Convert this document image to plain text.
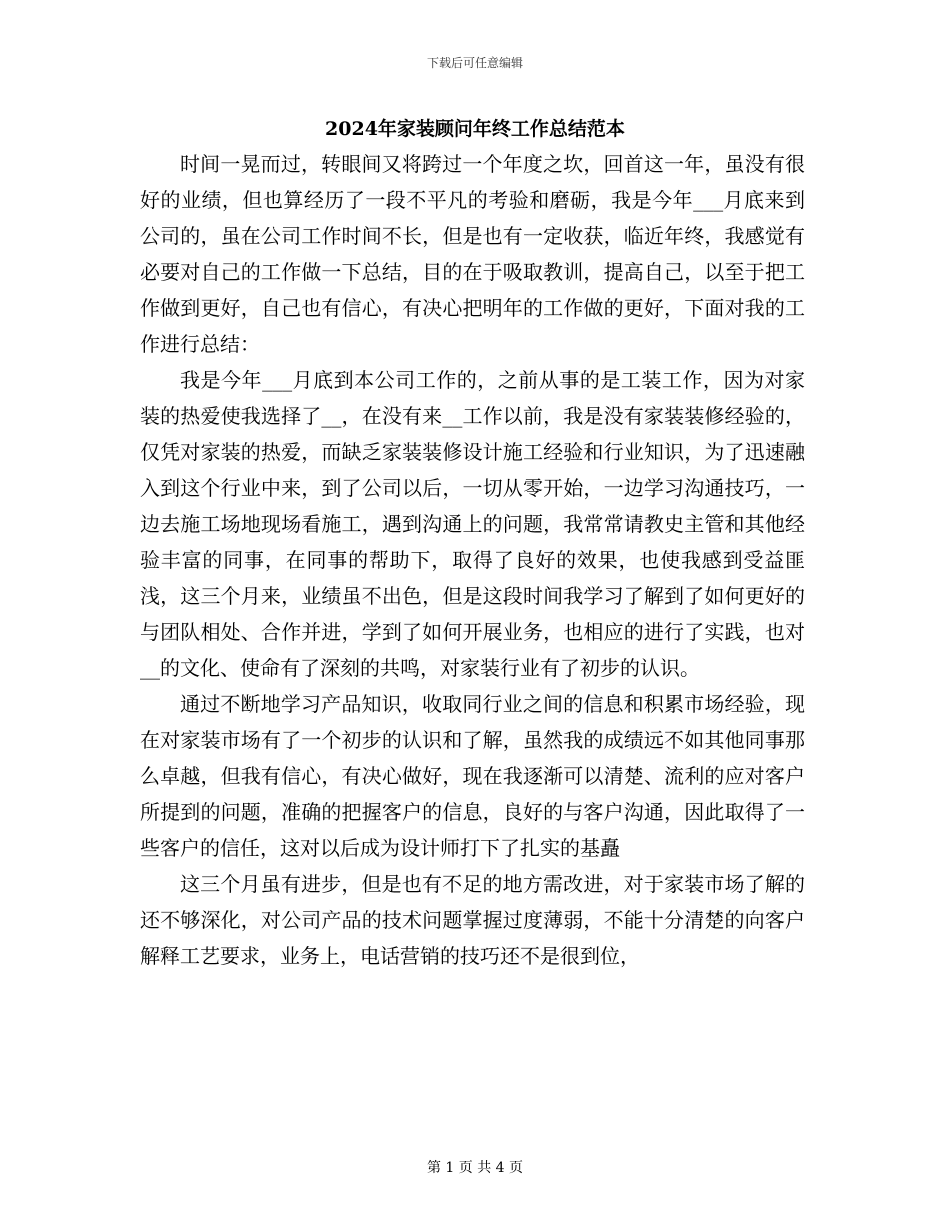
下载后可任意编辑
2024年家装顾问年终工作总结范本

时间一晃而过，转眼间又将跨过一个年度之坎，回首这一年，虽没有很好的业绩，但也算经历了一段不平凡的考验和磨砺，我是今年___月底来到公司的，虽在公司工作时间不长，但是也有一定收获，临近年终，我感觉有必要对自己的工作做一下总结，目的在于吸取教训，提高自己，以至于把工作做到更好，自己也有信心，有决心把明年的工作做的更好，下面对我的工作进行总结：

我是今年___月底到本公司工作的，之前从事的是工装工作，因为对家装的热爱使我选择了__，在没有来__工作以前，我是没有家装装修经验的，仅凭对家装的热爱，而缺乏家装装修设计施工经验和行业知识，为了迅速融入到这个行业中来，到了公司以后，一切从零开始，一边学习沟通技巧，一边去施工场地现场看施工，遇到沟通上的问题，我常常请教史主管和其他经验丰富的同事，在同事的帮助下，取得了良好的效果，也使我感到受益匪浅，这三个月来，业绩虽不出色，但是这段时间我学习了解到了如何更好的与团队相处、合作并进，学到了如何开展业务，也相应的进行了实践，也对__的文化、使命有了深刻的共鸣，对家装行业有了初步的认识。

通过不断地学习产品知识，收取同行业之间的信息和积累市场经验，现在对家装市场有了一个初步的认识和了解，虽然我的成绩远不如其他同事那么卓越，但我有信心，有决心做好，现在我逐渐可以清楚、流利的应对客户所提到的问题，准确的把握客户的信息，良好的与客户沟通，因此取得了一些客户的信任，这对以后成为设计师打下了扎实的基矗

这三个月虽有进步，但是也有不足的地方需改进，对于家装市场了解的还不够深化，对公司产品的技术问题掌握过度薄弱，不能十分清楚的向客户解释工艺要求，业务上，电话营销的技巧还不是很到位，

第 1 页 共 4 页
